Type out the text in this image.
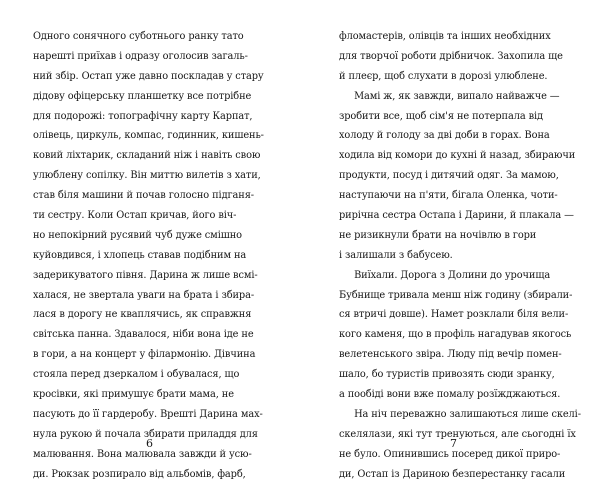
Одного сонячного суботнього ранку тато
нарешті приїхав і одразу оголосив загаль-
ний збір. Остап уже давно поскладав у стару
дідову офіцерську планшетку все потрібне
для подорожі: топографічну карту Карпат,
олівець, циркуль, компас, годинник, кишень-
ковий ліхтарик, складаний ніж і навіть свою
улюблену сопілку. Він миттю вилетів з хати,
став біля машини й почав голосно підганя-
ти сестру. Коли Остап кричав, його віч-
но непокірний русявий чуб дуже смішно
куйовдився, і хлопець ставав подібним на
задерикуватого півня. Дарина ж лише всмі-
халася, не звертала уваги на брата і збира-
лася в дорогу не кваплячись, як справжня
світська панна. Здавалося, ніби вона іде не
в гори, а на концерт у філармонію. Дівчина
стояла перед дзеркалом і обувалася, що
кросівки, які примушує брати мама, не
пасують до її гардеробу. Врешті Дарина мах-
нула рукою й почала збирати приладдя для
малювання. Вона малювала завжди й усю-
ди. Рюкзак розпирало від альбомів, фарб,
6
фломастерів, олівців та інших необхідних
для творчої роботи дрібничок. Захопила ще
й плеєр, щоб слухати в дорозі улюблене.
Мамі ж, як завжди, випало найважче —
зробити все, щоб сім'я не потерпала від
холоду й голоду за дві доби в горах. Вона
ходила від комори до кухні й назад, збираючи
продукти, посуд і дитячий одяг. За мамою,
наступаючи на п'яти, бігала Оленка, чоти-
рирічна сестра Остапа і Дарини, й плакала —
не ризикнули брати на ночівлю в гори
і залишали з бабусею.
Виїхали. Дорога з Долини до урочища
Бубнище тривала менш ніж годину (збирали-
ся втричі довше). Намет розклали біля вели-
кого каменя, що в профіль нагадував якогось
велетенського звіра. Люду під вечір помен-
шало, бо туристів привозять сюди зранку,
а пообіді вони вже помалу розїжджаються.
На ніч переважно залишаються лише скелі-
скелялази, які тут тренуються, але сьогодні їх
не було. Опинившись посеред дикої приро-
ди, Остап із Дариною безперестанку гасали
7
